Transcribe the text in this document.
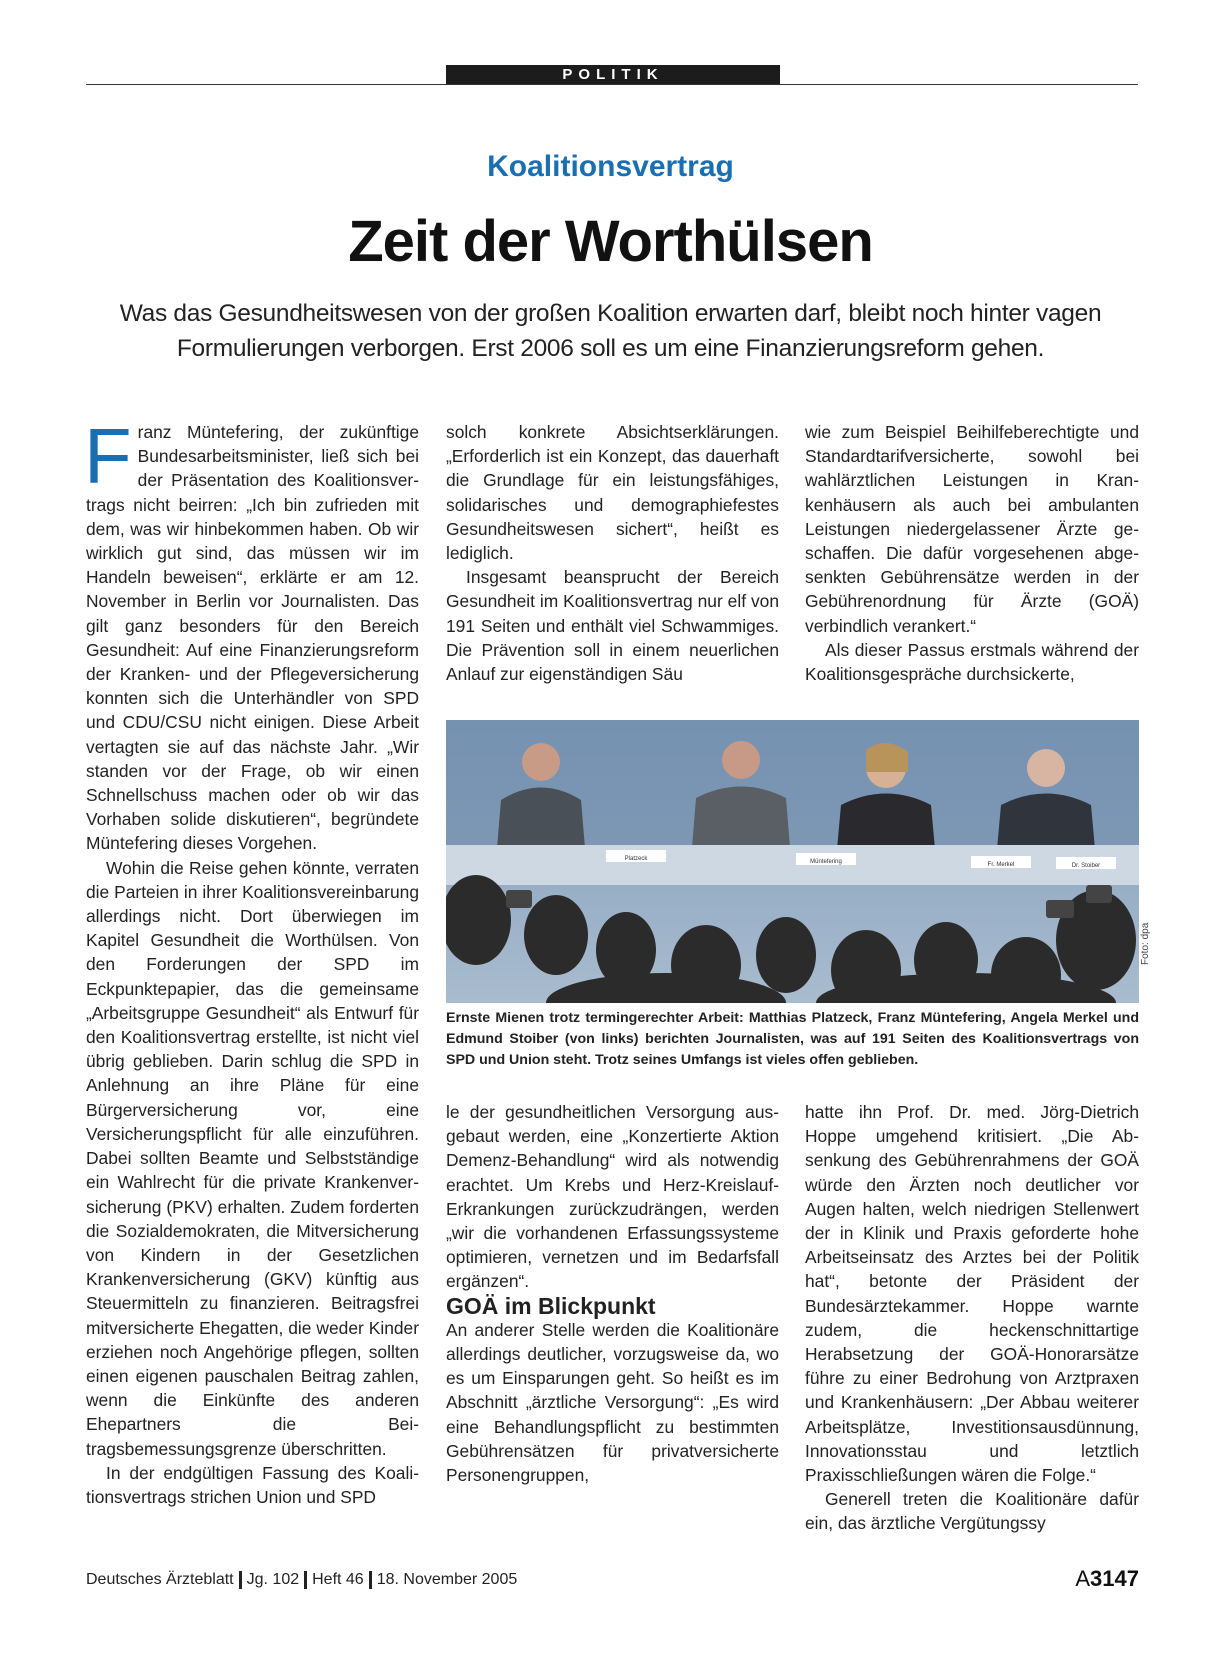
POLITIK
Koalitionsvertrag
Zeit der Worthülsen
Was das Gesundheitswesen von der großen Koalition erwarten darf, bleibt noch hinter vagen Formulierungen verborgen. Erst 2006 soll es um eine Finanzierungsreform gehen.

Franz Müntefering, der zukünftige Bundesarbeitsminister, ließ sich bei der Präsentation des Koalitionsvertrags nicht beirren: „Ich bin zufrieden mit dem, was wir hinbekommen haben. Ob wir wirklich gut sind, das müssen wir im Handeln beweisen“, erklärte er am 12. November in Berlin vor Journalisten. Das gilt ganz besonders für den Bereich Gesundheit: Auf eine Finanzierungsreform der Kranken- und der Pflegeversicherung konnten sich die Unterhändler von SPD und CDU/CSU nicht einigen. Diese Arbeit vertagten sie auf das nächste Jahr. „Wir standen vor der Frage, ob wir einen Schnellschuss machen oder ob wir das Vorhaben solide diskutieren“, begründete Müntefering dieses Vorgehen.

Wohin die Reise gehen könnte, verraten die Parteien in ihrer Koalitionsvereinbarung allerdings nicht. Dort überwiegen im Kapitel Gesundheit die Worthülsen. Von den Forderungen der SPD im Eckpunktepapier, das die gemeinsame „Arbeitsgruppe Gesundheit“ als Entwurf für den Koalitionsvertrag erstellte, ist nicht viel übrig geblieben. Darin schlug die SPD in Anlehnung an ihre Pläne für eine Bürgerversicherung vor, eine Versicherungspflicht für alle einzuführen. Dabei sollten Beamte und Selbstständige ein Wahlrecht für die private Krankenversicherung (PKV) erhalten. Zudem forderten die Sozialdemokraten, die Mitversicherung von Kindern in der Gesetzlichen Krankenversicherung (GKV) künftig aus Steuermitteln zu finanzieren. Beitragsfrei mitversicherte Ehegatten, die weder Kinder erziehen noch Angehörige pflegen, sollten einen eigenen pauschalen Beitrag zahlen, wenn die Einkünfte des anderen Ehepartners die Beitragsbemessungsgrenze überschritten.

In der endgültigen Fassung des Koalitionsvertrags strichen Union und SPD

solch konkrete Absichtserklärungen. „Erforderlich ist ein Konzept, das dauerhaft die Grundlage für ein leistungsfähiges, solidarisches und demographiefestes Gesundheitswesen sichert“, heißt es lediglich.

Insgesamt beansprucht der Bereich Gesundheit im Koalitionsvertrag nur elf von 191 Seiten und enthält viel Schwammiges. Die Prävention soll in einem neuerlichen Anlauf zur eigenständigen Säu

wie zum Beispiel Beihilfeberechtigte und Standardtarifversicherte, sowohl bei wahlärztlichen Leistungen in Krankenhäusern als auch bei ambulanten Leistungen niedergelassener Ärzte geschaffen. Die dafür vorgesehenen abgesenkten Gebührensätze werden in der Gebührenordnung für Ärzte (GOÄ) verbindlich verankert.“

Als dieser Passus erstmals während der Koalitionsgespräche durchsickerte,

Platzeck	Müntefering	Fr. Merkel	Dr. Stoiber
Foto: dpa
Ernste Mienen trotz termingerechter Arbeit: Matthias Platzeck, Franz Müntefering, Angela Merkel und Edmund Stoiber (von links) berichten Journalisten, was auf 191 Seiten des Koalitionsvertrags von SPD und Union steht. Trotz seines Umfangs ist vieles offen geblieben.

le der gesundheitlichen Versorgung ausgebaut werden, eine „Konzertierte Aktion Demenz-Behandlung“ wird als notwendig erachtet. Um Krebs und Herz-Kreislauf-Erkrankungen zurückzudrängen, werden „wir die vorhandenen Erfassungssysteme optimieren, vernetzen und im Bedarfsfall ergänzen“.

GOÄ im Blickpunkt

An anderer Stelle werden die Koalitionäre allerdings deutlicher, vorzugsweise da, wo es um Einsparungen geht. So heißt es im Abschnitt „ärztliche Versorgung“: „Es wird eine Behandlungspflicht zu bestimmten Gebührensätzen für privatversicherte Personengruppen,

hatte ihn Prof. Dr. med. Jörg-Dietrich Hoppe umgehend kritisiert. „Die Absenkung des Gebührenrahmens der GOÄ würde den Ärzten noch deutlicher vor Augen halten, welch niedrigen Stellenwert der in Klinik und Praxis geforderte hohe Arbeitseinsatz des Arztes bei der Politik hat“, betonte der Präsident der Bundesärztekammer. Hoppe warnte zudem, die heckenschnittartige Herabsetzung der GOÄ-Honorarsätze führe zu einer Bedrohung von Arztpraxen und Krankenhäusern: „Der Abbau weiterer Arbeitsplätze, Investitionsausdünnung, Innovationsstau und letztlich Praxisschließungen wären die Folge.“

Generell treten die Koalitionäre dafür ein, das ärztliche Vergütungssy

Deutsches Ärzteblatt Jg. 102 Heft 46 18. November 2005	A3147
